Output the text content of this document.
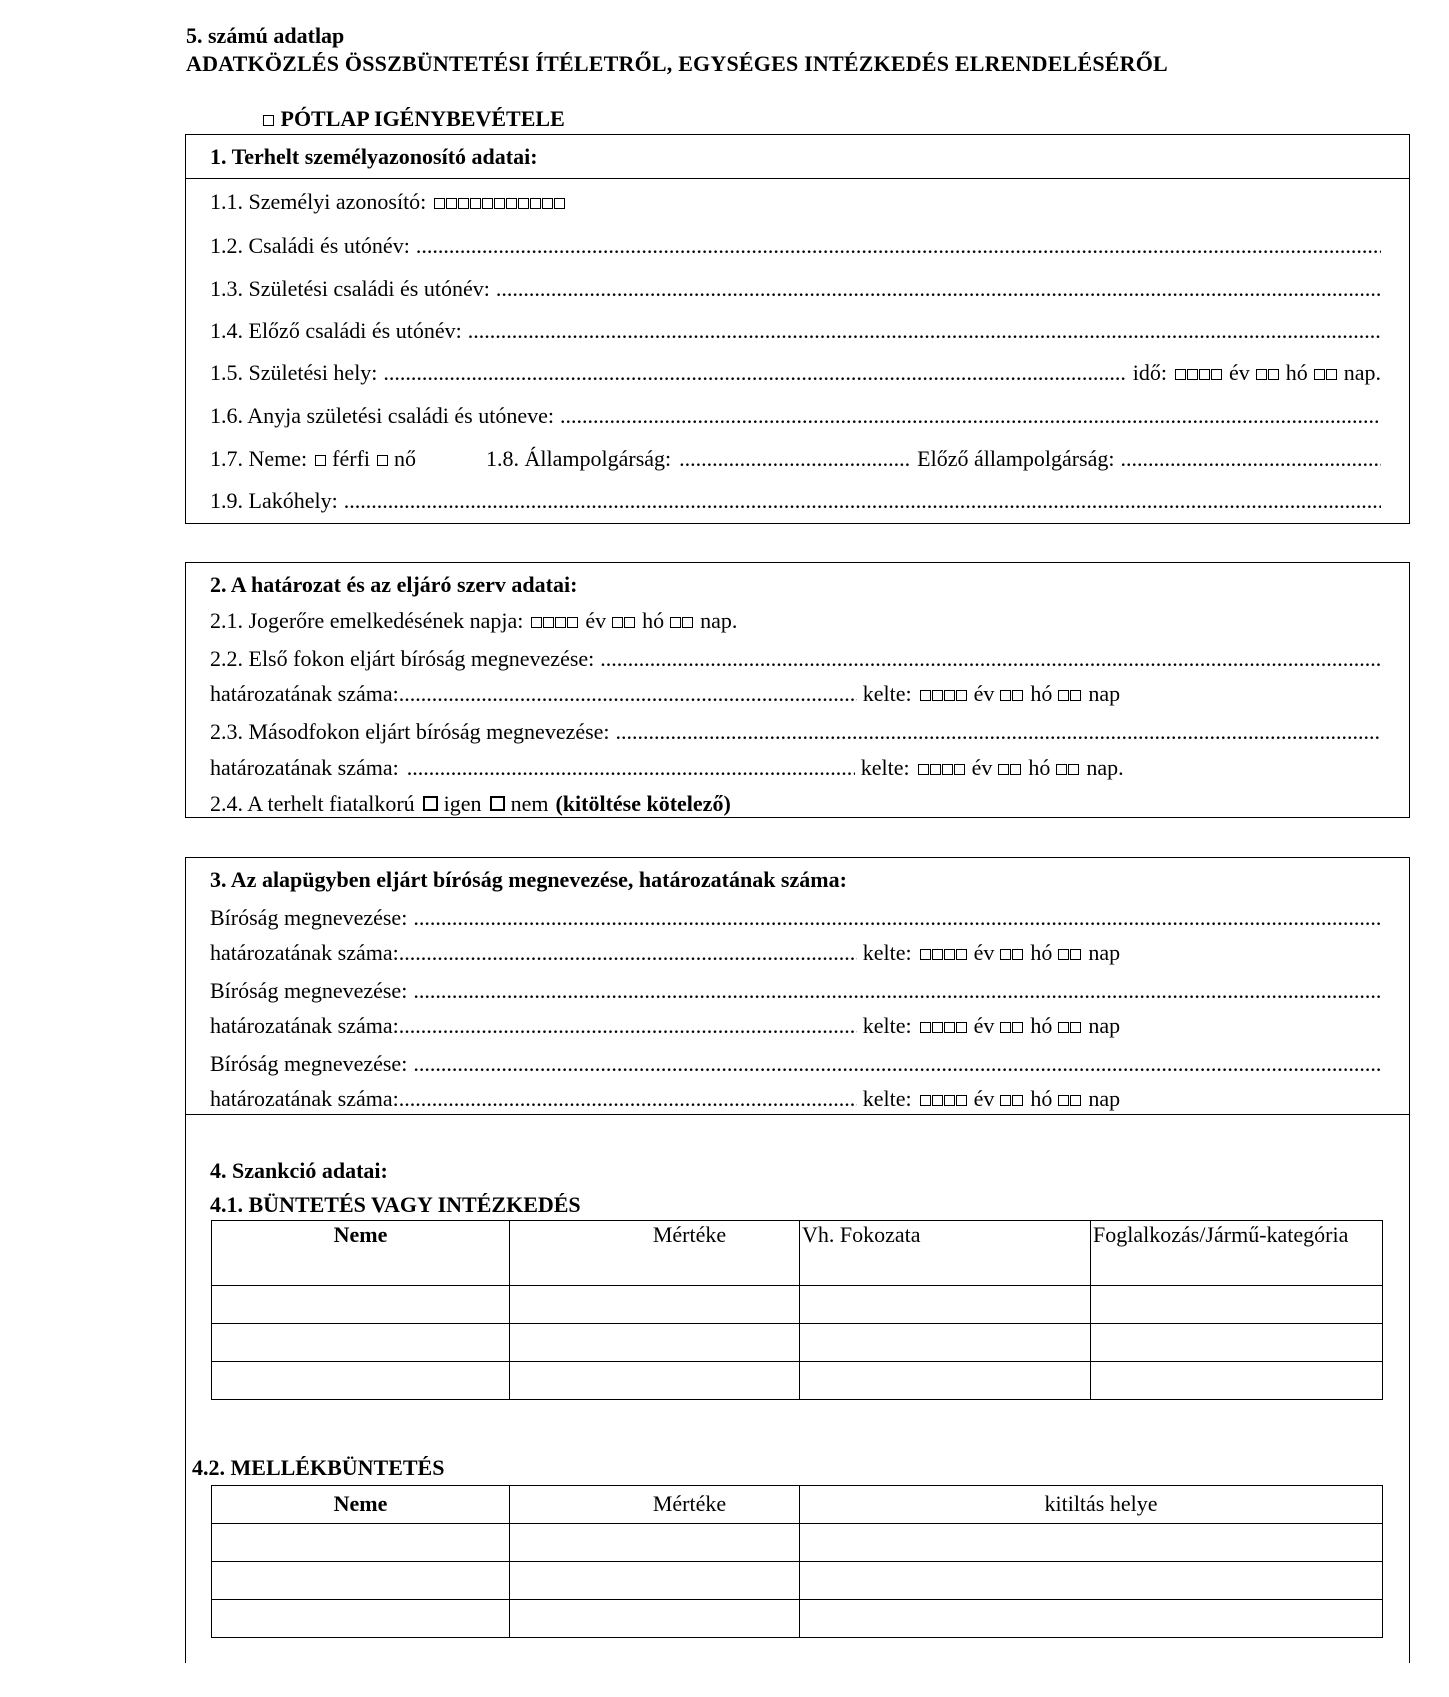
5. számú adatlap
ADATKÖZLÉS ÖSSZBÜNTETÉSI ÍTÉLETRŐL, EGYSÉGES INTÉZKEDÉS ELRENDELÉSÉRŐL
PÓTLAP IGÉNYBEVÉTELE
1. Terhelt személyazonosító adatai:
1.1. Személyi azonosító:
1.2. Családi és utónév:
.....
1.3. Születési családi és utónév:
.....
1.4. Előző családi és utónév:
.....
1.5. Születési hely: .....	idő:	év hó nap.
1.6. Anyja születési családi és utóneve:
.....
1.7. Neme: férfi nő	1.8. Állampolgárság: .....	Előző állampolgárság:
.....
1.9. Lakóhely:
.....
2. A határozat és az eljáró szerv adatai:
2.1. Jogerőre emelkedésének napja:	év hó nap.
2.2. Első fokon eljárt bíróság megnevezése:
.....
határozatának száma: .....	kelte:	év hó nap
2.3. Másodfokon eljárt bíróság megnevezése:
.....
határozatának száma: .....	kelte:	év hó nap.
2.4. A terhelt fiatalkorú igen nem (kitöltése kötelező)
3. Az alapügyben eljárt bíróság megnevezése, határozatának száma:
Bíróság megnevezése:
.....
határozatának száma: .....	kelte:	év hó nap
Bíróság megnevezése:
.....
határozatának száma: .....	kelte:	év hó nap
Bíróság megnevezése:
.....
határozatának száma: .....	kelte:	év hó nap
4. Szankció adatai:
4.1. BÜNTETÉS VAGY INTÉZKEDÉS
Neme	Mértéke	Vh. Fokozata	Foglalkozás/Jármű-kategória

4.2. MELLÉKBÜNTETÉS
Neme	Mértéke	kitiltás helye
